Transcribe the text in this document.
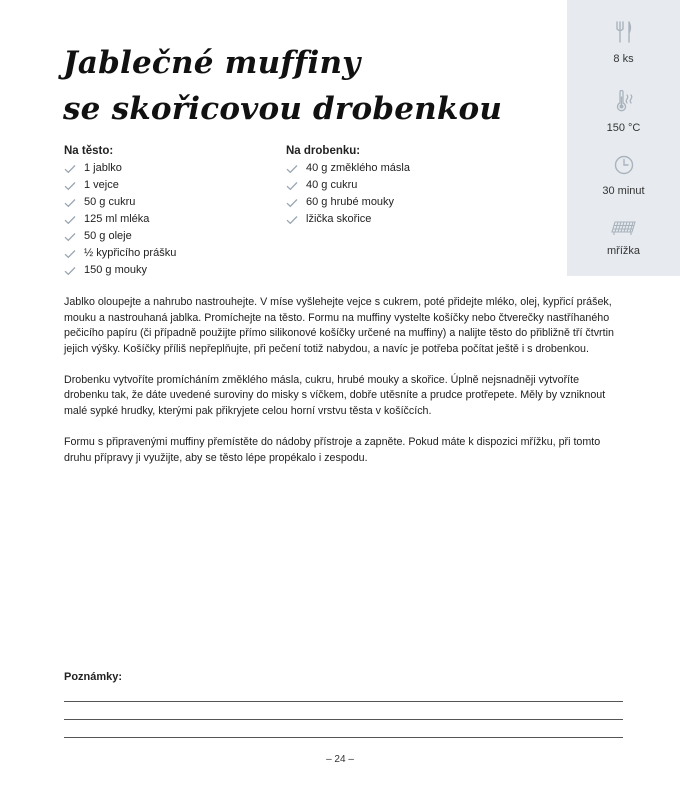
Jablečné muffiny
se skořicovou drobenkou
Na těsto:
1 jablko
1 vejce
50 g cukru
125 ml mléka
50 g oleje
½ kypřicího prášku
150 g mouky
Na drobenku:
40 g změklého másla
40 g cukru
60 g hrubé mouky
lžička skořice
8 ks
150 °C
30 minut
mřížka

Jablko oloupejte a nahrubo nastrouhejte. V míse vyšlehejte vejce s cukrem, poté přidejte mléko, olej, kypřicí prášek, mouku a nastrouhaná jablka. Promíchejte na těsto. Formu na muffiny vystelte košíčky nebo čtverečky nastříhaného pečicího papíru (či případně použijte přímo silikonové košíčky určené na muffiny) a nalijte těsto do přibližně tří čtvrtin jejich výšky. Košíčky příliš nepřeplňujte, při pečení totiž nabydou, a navíc je potřeba počítat ještě i s drobenkou.

Drobenku vytvoříte promícháním změklého másla, cukru, hrubé mouky a skořice. Úplně nejsnadněji vytvoříte drobenku tak, že dáte uvedené suroviny do misky s víčkem, dobře utěsníte a prudce protřepete. Měly by vzniknout malé sypké hrudky, kterými pak přikryjete celou horní vrstvu těsta v košíčcích.

Formu s připravenými muffiny přemístěte do nádoby přístroje a zapněte. Pokud máte k dispozici mřížku, při tomto druhu přípravy ji využijte, aby se těsto lépe propékalo i zespodu.

Poznámky:
– 24 –
